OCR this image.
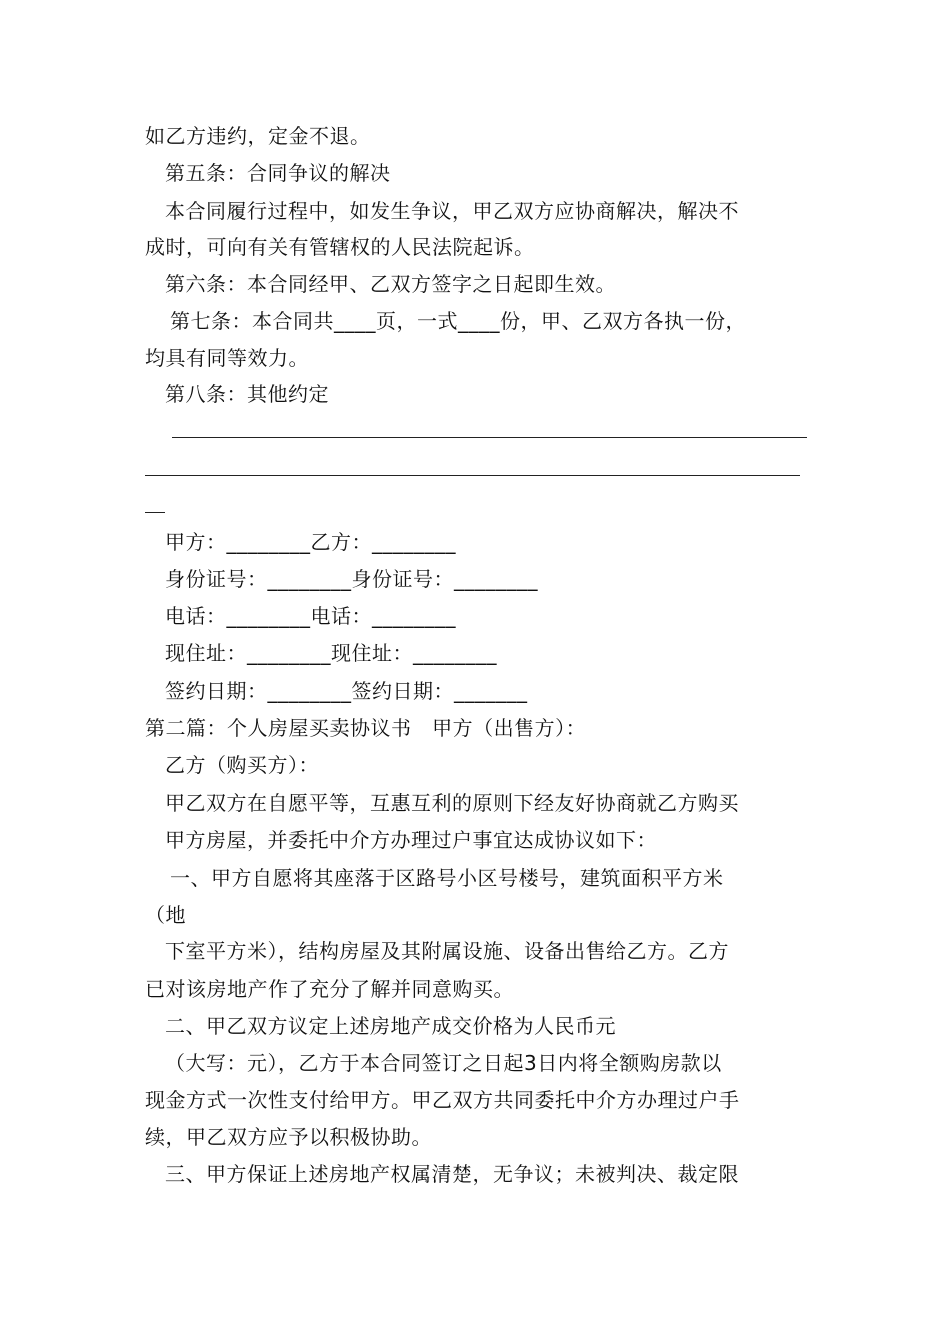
如乙方违约，定金不退。
第五条：合同争议的解决
本合同履行过程中，如发生争议，甲乙双方应协商解决，解决不
成时，可向有关有管辖权的人民法院起诉。
第六条：本合同经甲、乙双方签字之日起即生效。
第七条：本合同共____页，一式____份，甲、乙双方各执一份，
均具有同等效力。
第八条：其他约定
甲方：________乙方：________
身份证号：________身份证号：________
电话：________电话：________
现住址：________现住址：________
签约日期：________签约日期：_______
第二篇：个人房屋买卖协议书   甲方（出售方）：
乙方（购买方）：
甲乙双方在自愿平等，互惠互利的原则下经友好协商就乙方购买
甲方房屋，并委托中介方办理过户事宜达成协议如下：
一、甲方自愿将其座落于区路号小区号楼号，建筑面积平方米
（地
下室平方米），结构房屋及其附属设施、设备出售给乙方。乙方
已对该房地产作了充分了解并同意购买。
二、甲乙双方议定上述房地产成交价格为人民币元
（大写：元），乙方于本合同签订之日起3日内将全额购房款以
现金方式一次性支付给甲方。甲乙双方共同委托中介方办理过户手
续，甲乙双方应予以积极协助。
三、甲方保证上述房地产权属清楚，无争议；未被判决、裁定限
